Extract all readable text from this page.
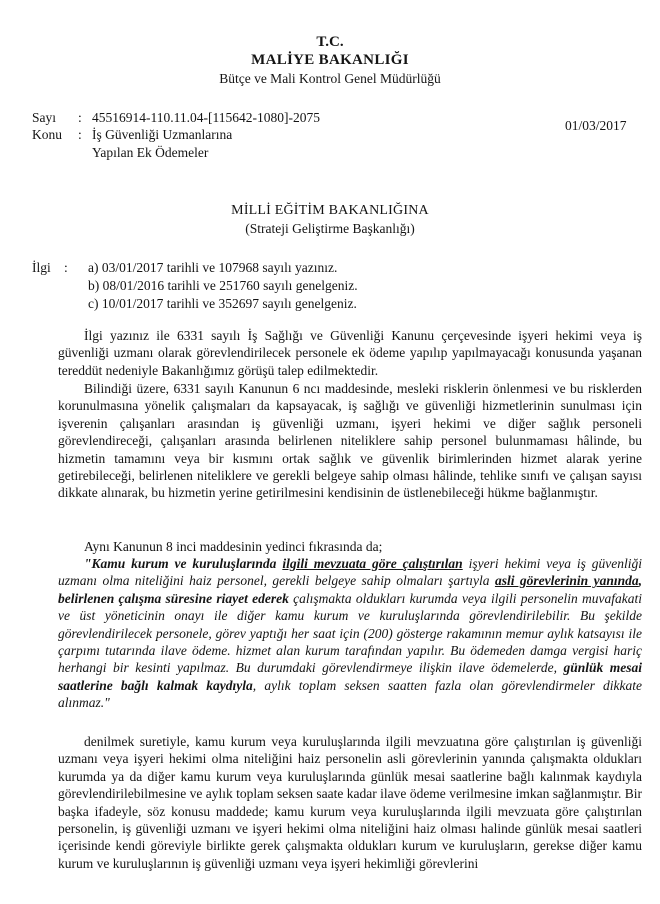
T.C.
MALİYE BAKANLIĞI
Bütçe ve Mali Kontrol Genel Müdürlüğü
Sayı : 45516914-110.11.04-[115642-1080]-2075
01/03/2017
Konu : İş Güvenliği Uzmanlarına
Yapılan Ek Ödemeler
MİLLİ EĞİTİM BAKANLIĞINA
(Strateji Geliştirme Başkanlığı)
İlgi : a) 03/01/2017 tarihli ve 107968 sayılı yazınız.
b) 08/01/2016 tarihli ve 251760 sayılı genelgeniz.
c) 10/01/2017 tarihli ve 352697 sayılı genelgeniz.

İlgi yazınız ile 6331 sayılı İş Sağlığı ve Güvenliği Kanunu çerçevesinde işyeri hekimi veya iş güvenliği uzmanı olarak görevlendirilecek personele ek ödeme yapılıp yapılmayacağı konusunda yaşanan tereddüt nedeniyle Bakanlığımız görüşü talep edilmektedir.

Bilindiği üzere, 6331 sayılı Kanunun 6 ncı maddesinde, mesleki risklerin önlenmesi ve bu risklerden korunulmasına yönelik çalışmaları da kapsayacak, iş sağlığı ve güvenliği hizmetlerinin sunulması için işverenin çalışanları arasından iş güvenliği uzmanı, işyeri hekimi ve diğer sağlık personeli görevlendireceği, çalışanları arasında belirlenen niteliklere sahip personel bulunmaması hâlinde, bu hizmetin tamamını veya bir kısmını ortak sağlık ve güvenlik birimlerinden hizmet alarak yerine getirebileceği, belirlenen niteliklere ve gerekli belgeye sahip olması hâlinde, tehlike sınıfı ve çalışan sayısı dikkate alınarak, bu hizmetin yerine getirilmesini kendisinin de üstlenebileceği hükme bağlanmıştır.

Aynı Kanunun 8 inci maddesinin yedinci fıkrasında da;

"Kamu kurum ve kuruluşlarında ilgili mevzuata göre çalıştırılan işyeri hekimi veya iş güvenliği uzmanı olma niteliğini haiz personel, gerekli belgeye sahip olmaları şartıyla asli görevlerinin yanında, belirlenen çalışma süresine riayet ederek çalışmakta oldukları kurumda veya ilgili personelin muvafakati ve üst yöneticinin onayı ile diğer kamu kurum ve kuruluşlarında görevlendirilebilir. Bu şekilde görevlendirilecek personele, görev yaptığı her saat için (200) gösterge rakamının memur aylık katsayısı ile çarpımı tutarında ilave ödeme. hizmet alan kurum tarafından yapılır. Bu ödemeden damga vergisi hariç herhangi bir kesinti yapılmaz. Bu durumdaki görevlendirmeye ilişkin ilave ödemelerde, günlük mesai saatlerine bağlı kalmak kaydıyla, aylık toplam seksen saatten fazla olan görevlendirmeler dikkate alınmaz."

denilmek suretiyle, kamu kurum veya kuruluşlarında ilgili mevzuatına göre çalıştırılan iş güvenliği uzmanı veya işyeri hekimi olma niteliğini haiz personelin asli görevlerinin yanında çalışmakta oldukları kurumda ya da diğer kamu kurum veya kuruluşlarında günlük mesai saatlerine bağlı kalınmak kaydıyla görevlendirilebilmesine ve aylık toplam seksen saate kadar ilave ödeme verilmesine imkan sağlanmıştır. Bir başka ifadeyle, söz konusu maddede; kamu kurum veya kuruluşlarında ilgili mevzuata göre çalıştırılan personelin, iş güvenliği uzmanı ve işyeri hekimi olma niteliğini haiz olması halinde günlük mesai saatleri içerisinde kendi göreviyle birlikte gerek çalışmakta oldukları kurum ve kuruluşların, gerekse diğer kamu kurum ve kuruluşlarının iş güvenliği uzmanı veya işyeri hekimliği görevlerini
